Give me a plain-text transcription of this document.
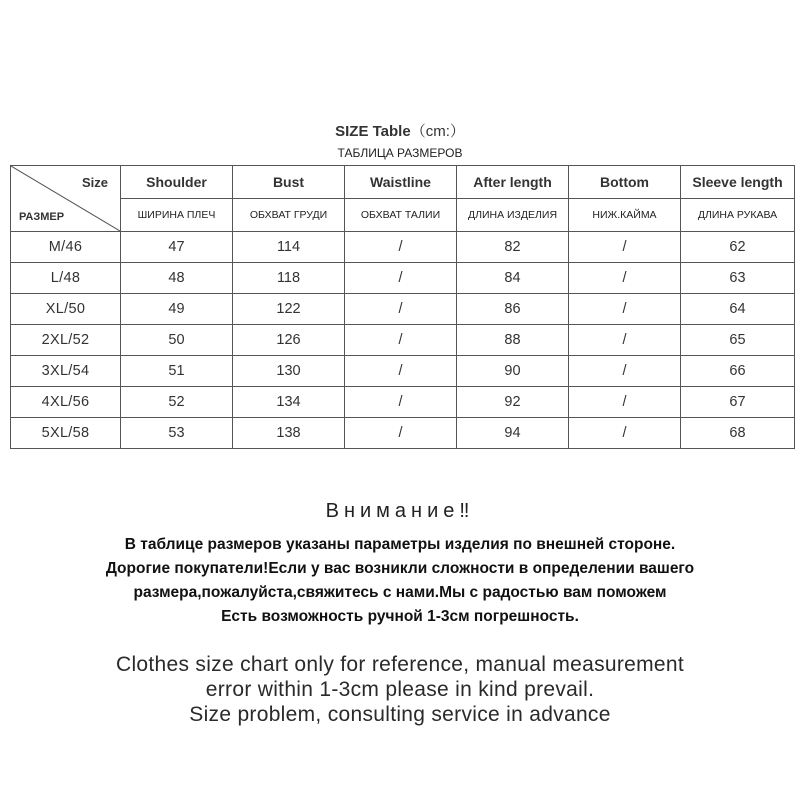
SIZE Table（cm:）
ТАБЛИЦА РАЗМЕРОВ
Size
РАЗМЕР	Shoulder	Bust	Waistline	After length	Bottom	Sleeve length
	ШИРИНА ПЛЕЧ	ОБХВАТ ГРУДИ	ОБХВАТ ТАЛИИ	ДЛИНА ИЗДЕЛИЯ	НИЖ.КАЙМА	ДЛИНА РУКАВА
M/46	47	114	/	82	/	62
L/48	48	118	/	84	/	63
XL/50	49	122	/	86	/	64
2XL/52	50	126	/	88	/	65
3XL/54	51	130	/	90	/	66
4XL/56	52	134	/	92	/	67
5XL/58	53	138	/	94	/	68
Внимание‼
В таблице размеров указаны параметры изделия по внешней стороне.
Дорогие покупатели!Если у вас возникли сложности в определении вашего
размера,пожалуйста,свяжитесь с нами.Мы с радостью вам поможем
Есть возможность ручной 1-3см погрешность.
Clothes size chart only for reference, manual measurement
error within 1-3cm please in kind prevail.
Size problem, consulting service in advance
